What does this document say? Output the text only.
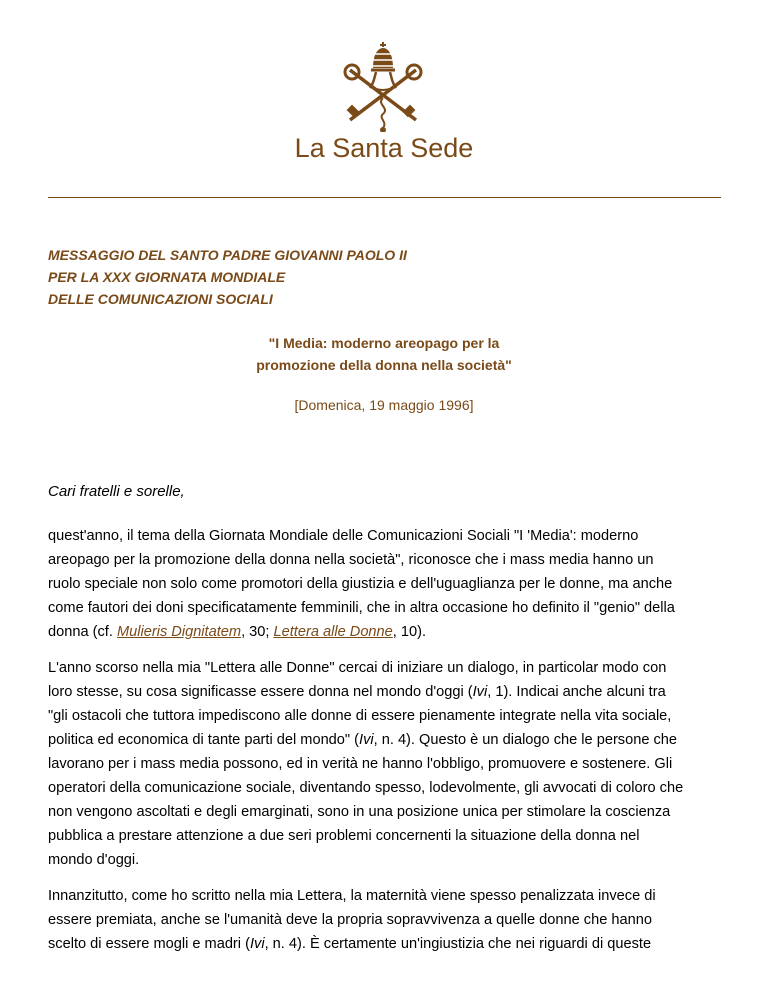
La Santa Sede
MESSAGGIO DEL SANTO PADRE GIOVANNI PAOLO II
PER LA XXX GIORNATA MONDIALE
DELLE COMUNICAZIONI SOCIALI
"I Media: moderno areopago per la
promozione della donna nella società"
[Domenica, 19 maggio 1996]
Cari fratelli e sorelle,
quest'anno, il tema della Giornata Mondiale delle Comunicazioni Sociali "I 'Media': moderno
areopago per la promozione della donna nella società", riconosce che i mass media hanno un
ruolo speciale non solo come promotori della giustizia e dell'uguaglianza per le donne, ma anche
come fautori dei doni specificatamente femminili, che in altra occasione ho definito il "genio" della
donna (cf. Mulieris Dignitatem, 30; Lettera alle Donne, 10).
L'anno scorso nella mia "Lettera alle Donne" cercai di iniziare un dialogo, in particolar modo con
loro stesse, su cosa significasse essere donna nel mondo d'oggi (Ivi, 1). Indicai anche alcuni tra
"gli ostacoli che tuttora impediscono alle donne di essere pienamente integrate nella vita sociale,
politica ed economica di tante parti del mondo" (Ivi, n. 4). Questo è un dialogo che le persone che
lavorano per i mass media possono, ed in verità ne hanno l'obbligo, promuovere e sostenere. Gli
operatori della comunicazione sociale, diventando spesso, lodevolmente, gli avvocati di coloro che
non vengono ascoltati e degli emarginati, sono in una posizione unica per stimolare la coscienza
pubblica a prestare attenzione a due seri problemi concernenti la situazione della donna nel
mondo d'oggi.
Innanzitutto, come ho scritto nella mia Lettera, la maternità viene spesso penalizzata invece di
essere premiata, anche se l'umanità deve la propria sopravvivenza a quelle donne che hanno
scelto di essere mogli e madri (Ivi, n. 4). È certamente un'ingiustizia che nei riguardi di queste
